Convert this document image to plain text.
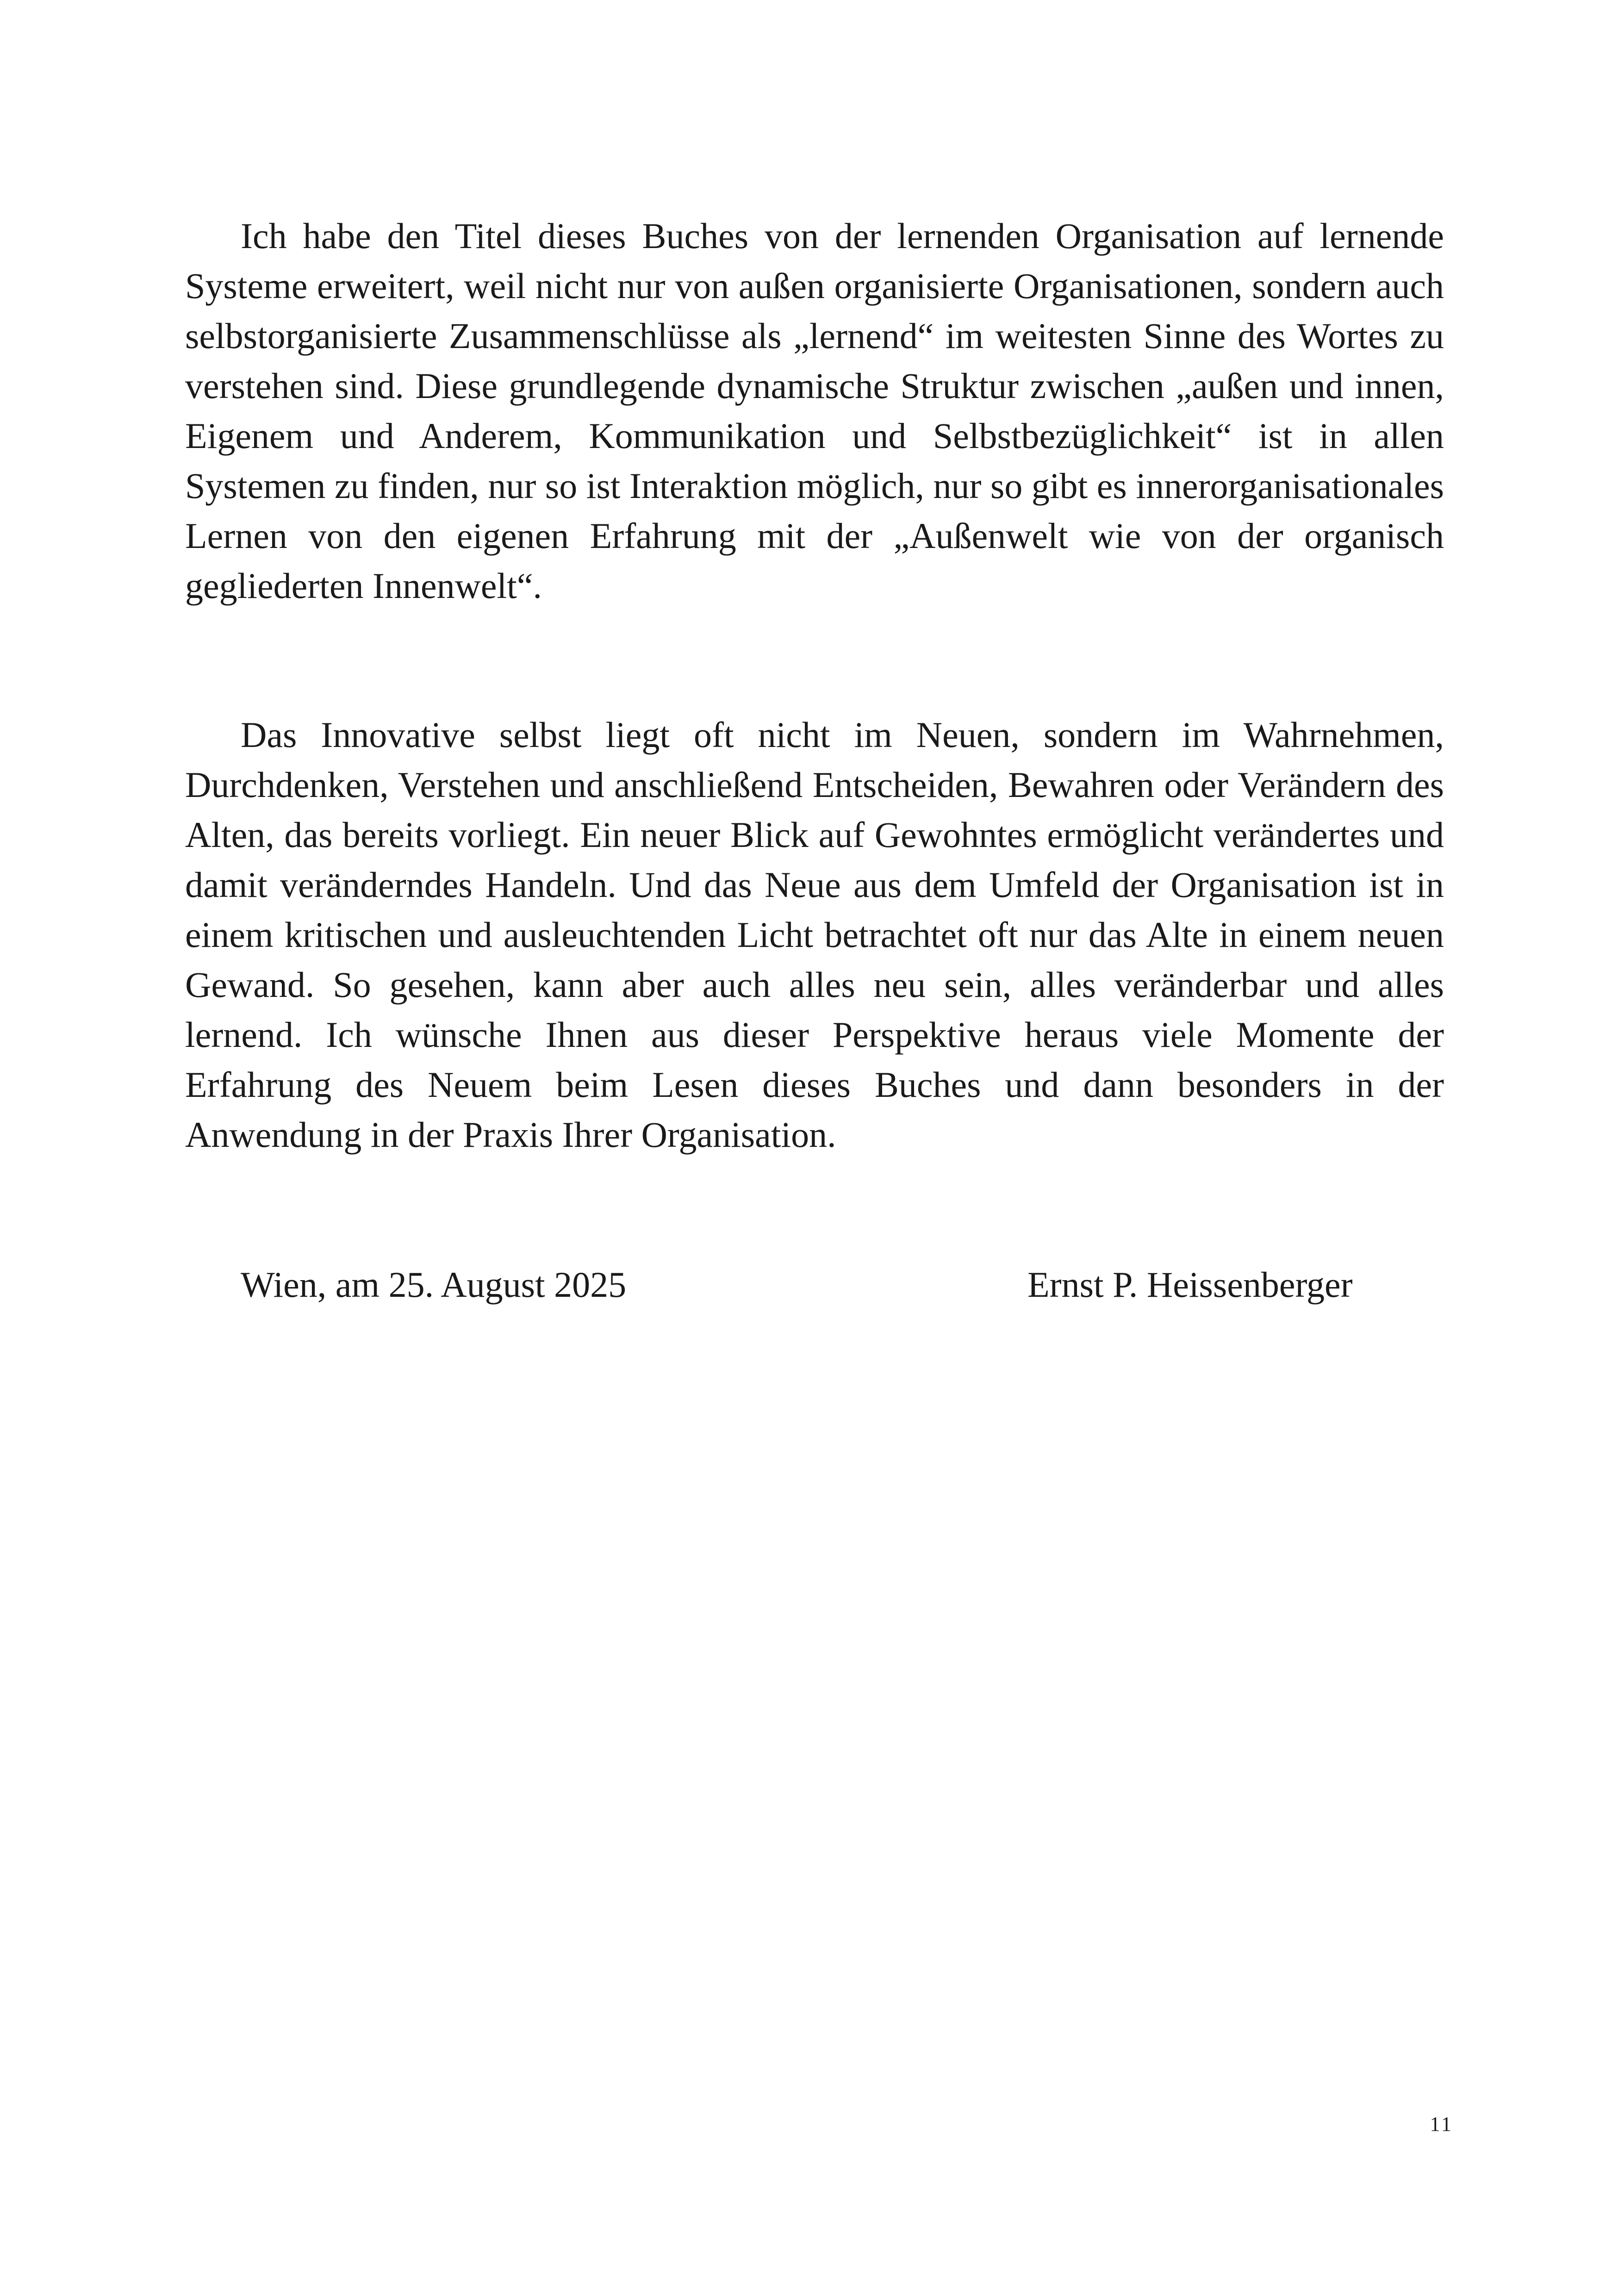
Ich habe den Titel dieses Buches von der lernenden Organisation auf lernende Systeme erweitert, weil nicht nur von außen organisierte Organisationen, sondern auch selbstorganisierte Zusammenschlüsse als „lernend“ im weitesten Sinne des Wortes zu verstehen sind. Diese grundlegende dynamische Struktur zwischen „außen und innen, Eigenem und Anderem, Kommunikation und Selbstbezüglichkeit“ ist in allen Systemen zu finden, nur so ist Interaktion möglich, nur so gibt es innerorganisationales Lernen von den eigenen Erfahrung mit der „Außenwelt wie von der organisch gegliederten Innenwelt“.

Das Innovative selbst liegt oft nicht im Neuen, sondern im Wahrnehmen, Durchdenken, Verstehen und anschließend Entscheiden, Bewahren oder Verändern des Alten, das bereits vorliegt. Ein neuer Blick auf Gewohntes ermöglicht verändertes und damit veränderndes Handeln. Und das Neue aus dem Umfeld der Organisation ist in einem kritischen und ausleuchtenden Licht betrachtet oft nur das Alte in einem neuen Gewand. So gesehen, kann aber auch alles neu sein, alles veränderbar und alles lernend. Ich wünsche Ihnen aus dieser Perspektive heraus viele Momente der Erfahrung des Neuem beim Lesen dieses Buches und dann besonders in der Anwendung in der Praxis Ihrer Organisation.

Wien, am 25. August 2025	Ernst P. Heissenberger
11
